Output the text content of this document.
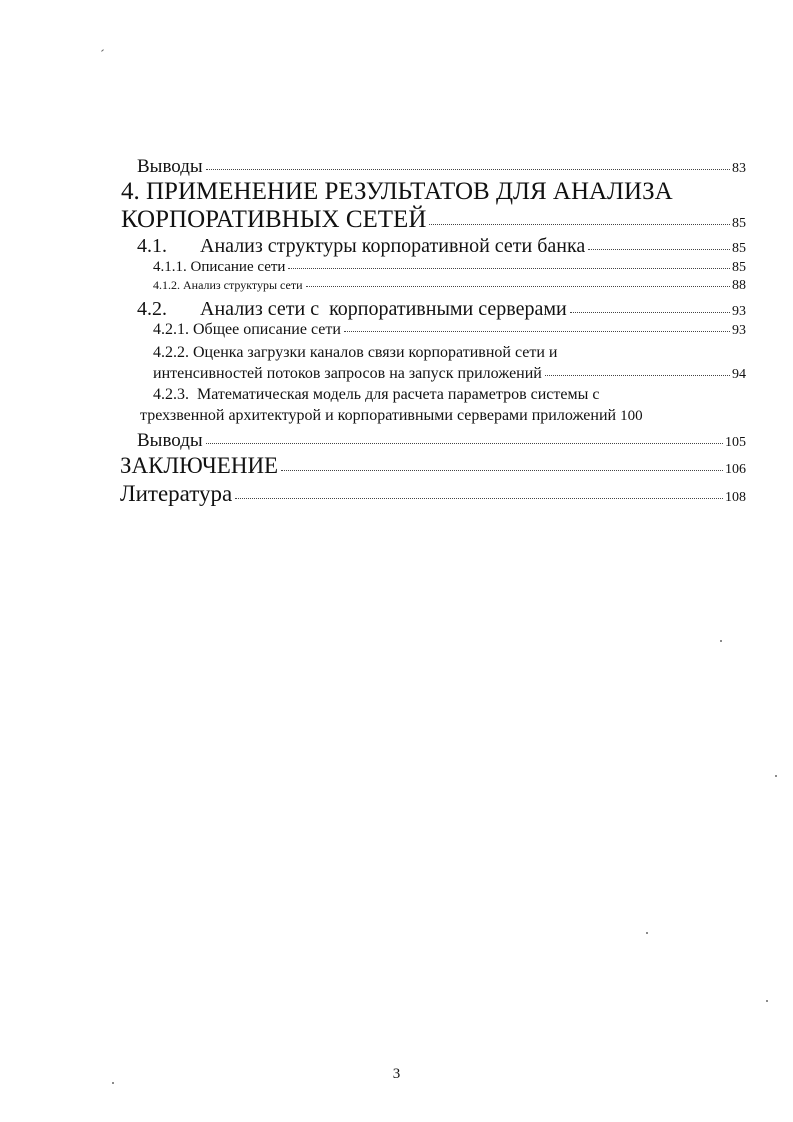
Выводы	83
4. ПРИМЕНЕНИЕ РЕЗУЛЬТАТОВ ДЛЯ АНАЛИЗА
КОРПОРАТИВНЫХ СЕТЕЙ	85
4.1. Анализ структуры корпоративной сети банка	85
4.1.1. Описание сети	85
4.1.2. Анализ структуры сети	88
4.2. Анализ сети с  корпоративными серверами	93
4.2.1. Общее описание сети	93
4.2.2. Оценка загрузки каналов связи корпоративной сети и
интенсивностей потоков запросов на запуск приложений	94
4.2.3.  Математическая модель для расчета параметров системы с
трехзвенной архитектурой и корпоративными серверами приложений 100
Выводы	105
ЗАКЛЮЧЕНИЕ	106
Литература	108
3
